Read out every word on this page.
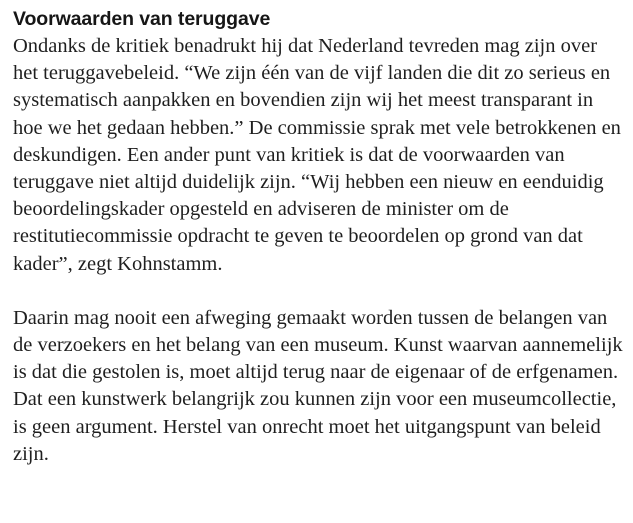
Voorwaarden van teruggave

Ondanks de kritiek benadrukt hij dat Nederland tevreden mag zijn over het teruggavebeleid. “We zijn één van de vijf landen die dit zo serieus en systematisch aanpakken en bovendien zijn wij het meest transparant in hoe we het gedaan hebben.” De commissie sprak met vele betrokkenen en deskundigen. Een ander punt van kritiek is dat de voorwaarden van teruggave niet altijd duidelijk zijn. “Wij hebben een nieuw en eenduidig beoordelingskader opgesteld en adviseren de minister om de restitutiecommissie opdracht te geven te beoordelen op grond van dat kader”, zegt Kohnstamm.

Daarin mag nooit een afweging gemaakt worden tussen de belangen van de verzoekers en het belang van een museum. Kunst waarvan aannemelijk is dat die gestolen is, moet altijd terug naar de eigenaar of de erfgenamen. Dat een kunstwerk belangrijk zou kunnen zijn voor een museumcollectie, is geen argument. Herstel van onrecht moet het uitgangspunt van beleid zijn.
